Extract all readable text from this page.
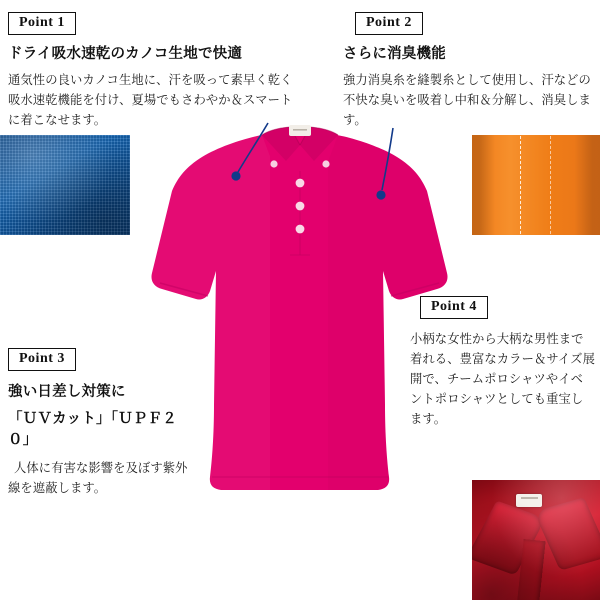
Point 1

ドライ吸水速乾のカノコ生地で快適

通気性の良いカノコ生地に、汗を吸って素早く乾く吸水速乾機能を付け、夏場でもさわやか＆スマートに着こなせます。

Point 2

さらに消臭機能

強力消臭糸を縫製糸として使用し、汗などの不快な臭いを吸着し中和＆分解し、消臭します。

Point 3

強い日差し対策に

「ＵＶカット」「ＵＰＦ２０」

人体に有害な影響を及ぼす紫外線を遮蔽します。

Point 4

小柄な女性から大柄な男性まで着れる、豊富なカラー＆サイズ展開で、チームポロシャツやイベントポロシャツとしても重宝します。
